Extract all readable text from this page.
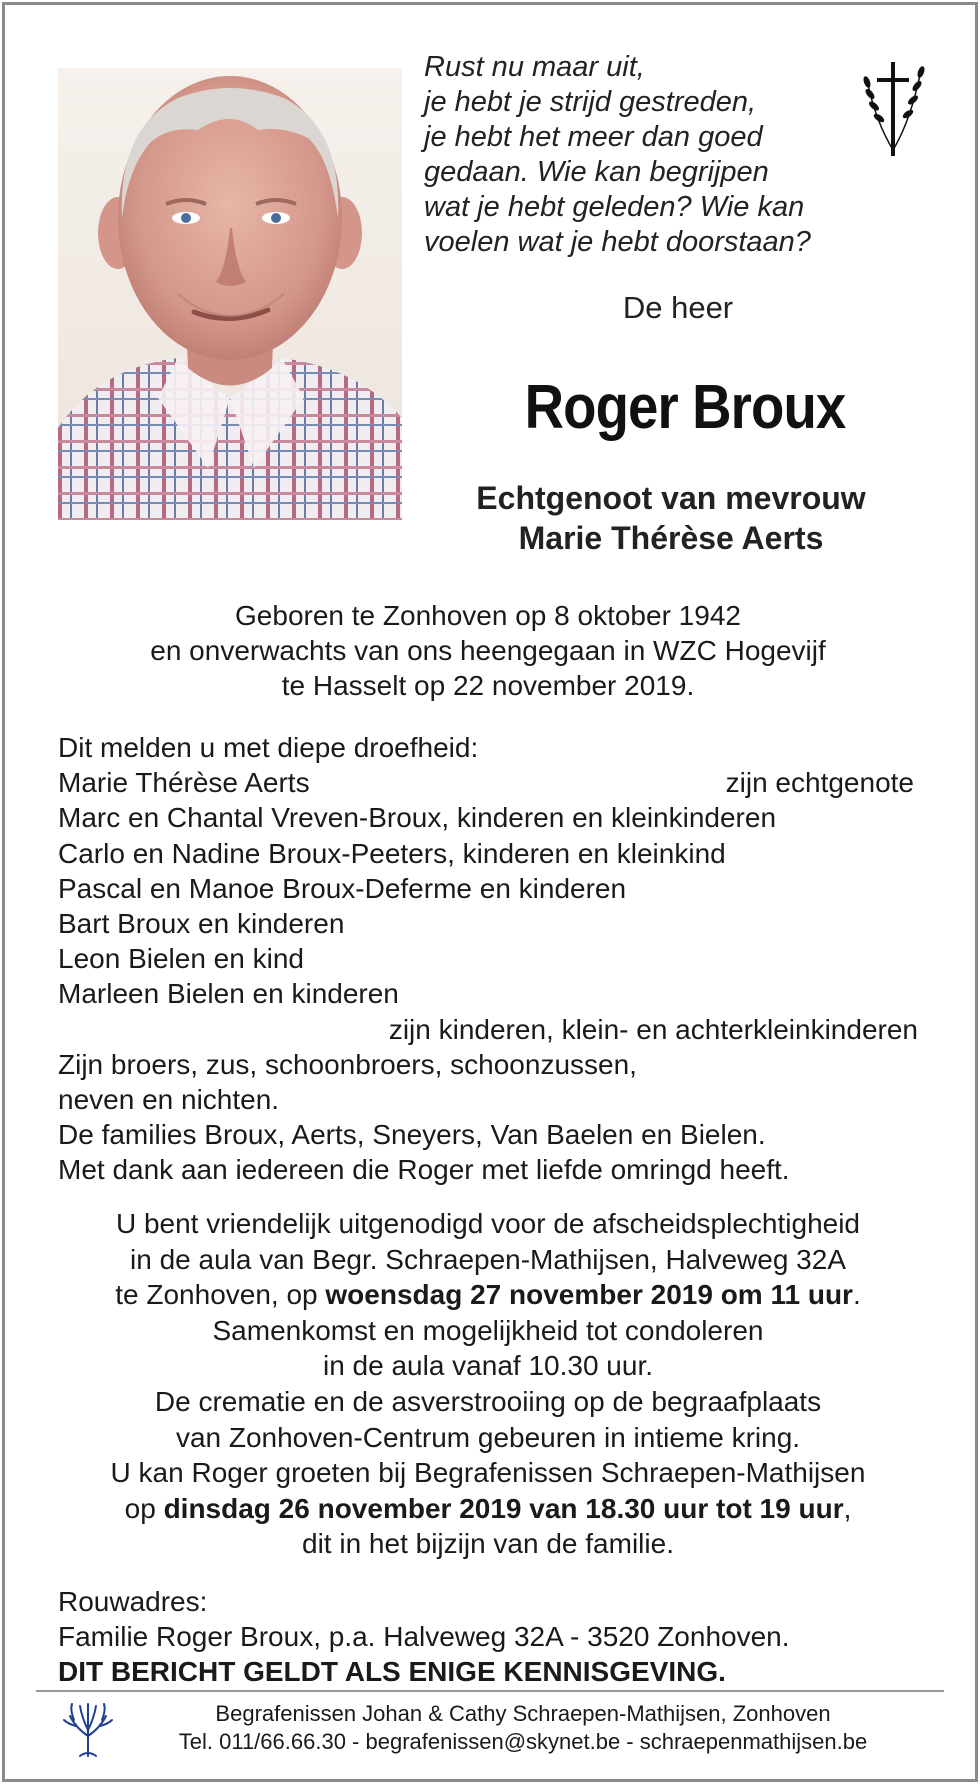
Rust nu maar uit,
je hebt je strijd gestreden,
je hebt het meer dan goed
gedaan. Wie kan begrijpen
wat je hebt geleden? Wie kan
voelen wat je hebt doorstaan?
De heer
Roger Broux
Echtgenoot van mevrouw
Marie Thérèse Aerts
Geboren te Zonhoven op 8 oktober 1942
en onverwachts van ons heengegaan in WZC Hogevijf
te Hasselt op 22 november 2019.
Dit melden u met diepe droefheid:
Marie Thérèse Aerts	zijn echtgenote
Marc en Chantal Vreven-Broux, kinderen en kleinkinderen
Carlo en Nadine Broux-Peeters, kinderen en kleinkind
Pascal en Manoe Broux-Deferme en kinderen
Bart Broux en kinderen
Leon Bielen en kind
Marleen Bielen en kinderen
zijn kinderen, klein- en achterkleinkinderen
Zijn broers, zus, schoonbroers, schoonzussen,
neven en nichten.
De families Broux, Aerts, Sneyers, Van Baelen en Bielen.
Met dank aan iedereen die Roger met liefde omringd heeft.
U bent vriendelijk uitgenodigd voor de afscheidsplechtigheid
in de aula van Begr. Schraepen-Mathijsen, Halveweg 32A
te Zonhoven, op woensdag 27 november 2019 om 11 uur.
Samenkomst en mogelijkheid tot condoleren
in de aula vanaf 10.30 uur.
De crematie en de asverstrooiing op de begraafplaats
van Zonhoven-Centrum gebeuren in intieme kring.
U kan Roger groeten bij Begrafenissen Schraepen-Mathijsen
op dinsdag 26 november 2019 van 18.30 uur tot 19 uur,
dit in het bijzijn van de familie.
Rouwadres:
Familie Roger Broux, p.a. Halveweg 32A - 3520 Zonhoven.
DIT BERICHT GELDT ALS ENIGE KENNISGEVING.
Begrafenissen Johan & Cathy Schraepen-Mathijsen, Zonhoven
Tel. 011/66.66.30 - begrafenissen@skynet.be - schraepenmathijsen.be
